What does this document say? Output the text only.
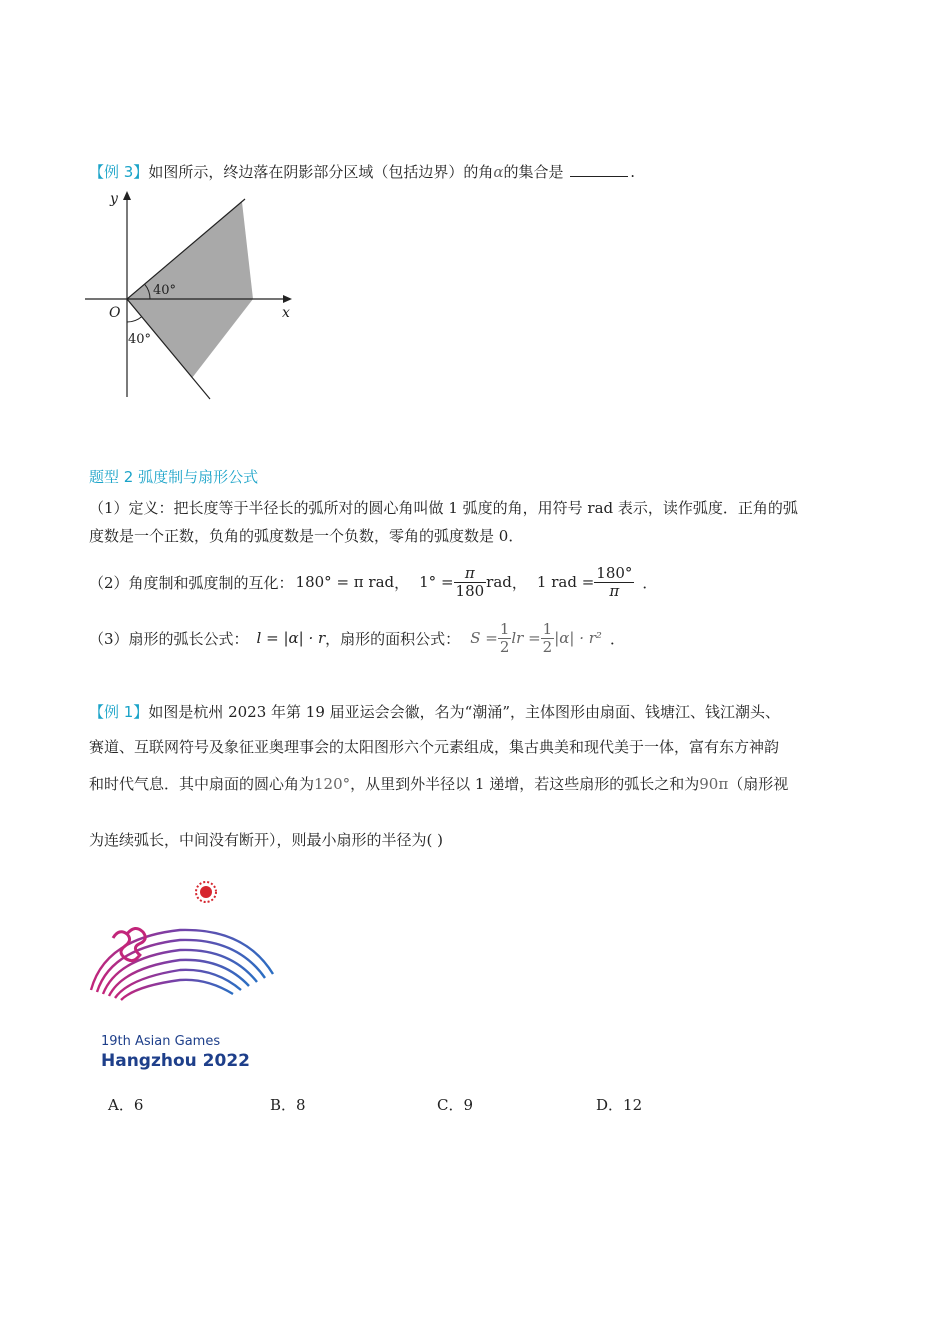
【例 3】如图所示，终边落在阴影部分区域（包括边界）的角α的集合是	.
y
x
O
40°
40°
题型 2 弧度制与扇形公式
（1）定义：把长度等于半径长的弧所对的圆心角叫做 1 弧度的角，用符号 rad 表示，读作弧度．正角的弧
度数是一个正数，负角的弧度数是一个负数，零角的弧度数是 0．
（2）角度制和弧度制的互化： 180° = π rad ， $1^\circ = \frac{\pi}{180}$ rad ， 1 rad = $\frac{180^\circ}{\pi}$ ．
（3）扇形的弧长公式： l = |α| · r ，扇形的面积公式： $S = \frac{1}{2}$ lr = $\frac{1}{2} |\alpha| \cdot r^2$ ．
【例 1】如图是杭州 2023 年第 19 届亚运会会徽，名为“潮涌”，主体图形由扇面、钱塘江、钱江潮头、
赛道、互联网符号及象征亚奥理事会的太阳图形六个元素组成，集古典美和现代美于一体，富有东方神韵
和时代气息．其中扇面的圆心角为120°，从里到外半径以 1 递增，若这些扇形的弧长之和为90π（扇形视
为连续弧长，中间没有断开），则最小扇形的半径为( )
19th Asian Games
Hangzhou 2022
A．6	B．8	C．9	D．12
